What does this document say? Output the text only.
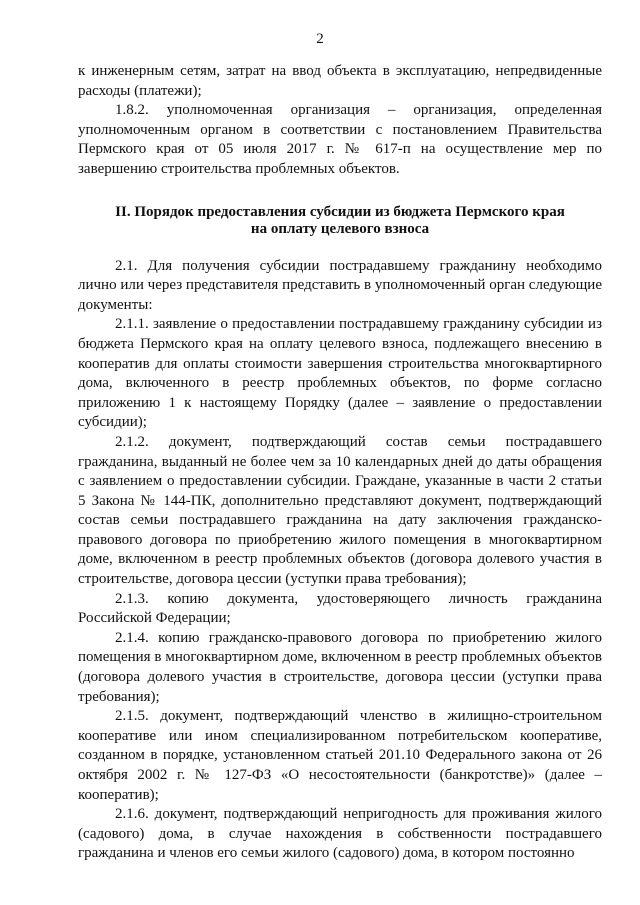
2

к инженерным сетям, затрат на ввод объекта в эксплуатацию, непредвиденные расходы (платежи);

1.8.2. уполномоченная организация – организация, определенная уполномоченным органом в соответствии с постановлением Правительства Пермского края от 05 июля 2017 г. № 617-п на осуществление мер по завершению строительства проблемных объектов.

II. Порядок предоставления субсидии из бюджета Пермского края
на оплату целевого взноса

2.1. Для получения субсидии пострадавшему гражданину необходимо лично или через представителя представить в уполномоченный орган следующие документы:

2.1.1. заявление о предоставлении пострадавшему гражданину субсидии из бюджета Пермского края на оплату целевого взноса, подлежащего внесению в кооператив для оплаты стоимости завершения строительства многоквартирного дома, включенного в реестр проблемных объектов, по форме согласно приложению 1 к настоящему Порядку (далее – заявление о предоставлении субсидии);

2.1.2. документ, подтверждающий состав семьи пострадавшего гражданина, выданный не более чем за 10 календарных дней до даты обращения с заявлением о предоставлении субсидии. Граждане, указанные в части 2 статьи 5 Закона № 144-ПК, дополнительно представляют документ, подтверждающий состав семьи пострадавшего гражданина на дату заключения гражданско-правового договора по приобретению жилого помещения в многоквартирном доме, включенном в реестр проблемных объектов (договора долевого участия в строительстве, договора цессии (уступки права требования);

2.1.3. копию документа, удостоверяющего личность гражданина Российской Федерации;

2.1.4. копию гражданско-правового договора по приобретению жилого помещения в многоквартирном доме, включенном в реестр проблемных объектов (договора долевого участия в строительстве, договора цессии (уступки права требования);

2.1.5. документ, подтверждающий членство в жилищно-строительном кооперативе или ином специализированном потребительском кооперативе, созданном в порядке, установленном статьей 201.10 Федерального закона от 26 октября 2002 г. № 127-ФЗ «О несостоятельности (банкротстве)» (далее – кооператив);

2.1.6. документ, подтверждающий непригодность для проживания жилого (садового) дома, в случае нахождения в собственности пострадавшего гражданина и членов его семьи жилого (садового) дома, в котором постоянно
